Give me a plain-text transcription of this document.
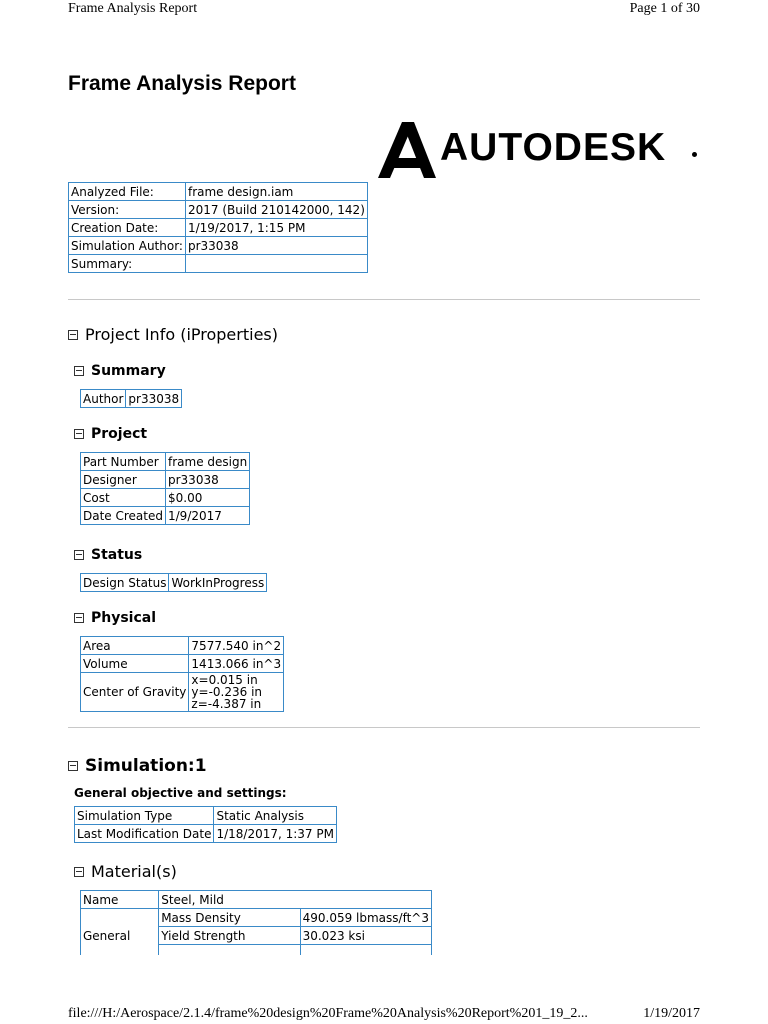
Frame Analysis Report	Page 1 of 30
Frame Analysis Report
AUTODESK
Analyzed File:	frame design.iam
Version:	2017 (Build 210142000, 142)
Creation Date:	1/19/2017, 1:15 PM
Simulation Author:	pr33038
Summary:	
Project Info (iProperties)
Summary
Author	pr33038
Project
Part Number	frame design
Designer	pr33038
Cost	$0.00
Date Created	1/9/2017
Status
Design Status	WorkInProgress
Physical
Area	7577.540 in^2
Volume	1413.066 in^3
Center of Gravity	x=0.015 in
y=-0.236 in
z=-4.387 in
Simulation:1
General objective and settings:
Simulation Type	Static Analysis
Last Modification Date	1/18/2017, 1:37 PM
Material(s)
Name	Steel, Mild	
General	Mass Density	490.059 lbmass/ft^3
	Yield Strength	30.023 ksi

file:///H:/Aerospace/2.1.4/frame%20design%20Frame%20Analysis%20Report%201_19_2...	1/19/2017
